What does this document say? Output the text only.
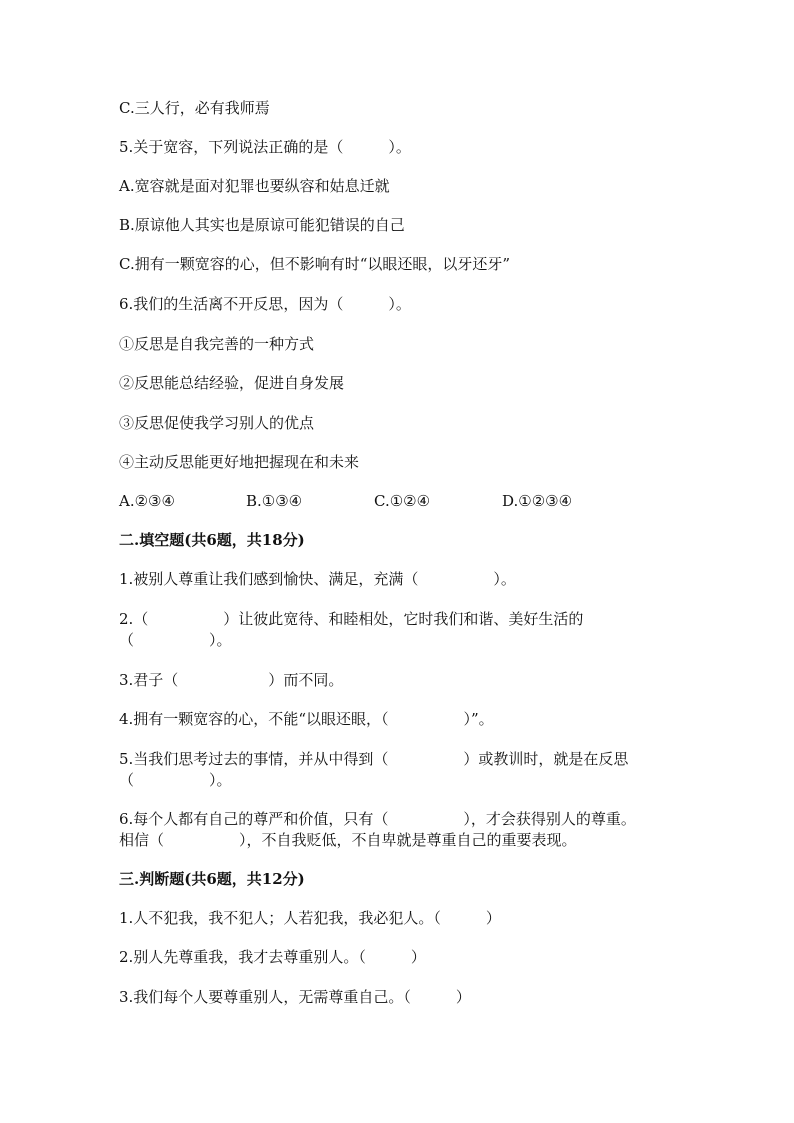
C.三人行，必有我师焉

5.关于宽容，下列说法正确的是（　　　）。

A.宽容就是面对犯罪也要纵容和姑息迁就

B.原谅他人其实也是原谅可能犯错误的自己

C.拥有一颗宽容的心，但不影响有时“以眼还眼，以牙还牙”

6.我们的生活离不开反思，因为（　　　）。

①反思是自我完善的一种方式

②反思能总结经验，促进自身发展

③反思促使我学习别人的优点

④主动反思能更好地把握现在和未来

A.②③④	B.①③④	C.①②④	D.①②③④

二.填空题(共6题，共18分)

1.被别人尊重让我们感到愉快、满足，充满（　　　　　）。

2.（　　　　　）让彼此宽待、和睦相处，它时我们和谐、美好生活的

（　　　　　）。

3.君子（　　　　　　）而不同。

4.拥有一颗宽容的心，不能“以眼还眼，（　　　　　）”。

5.当我们思考过去的事情，并从中得到（　　　　　）或教训时，就是在反思

（　　　　　）。

6.每个人都有自己的尊严和价值，只有（　　　　　），才会获得别人的尊重。

相信（　　　　　），不自我贬低，不自卑就是尊重自己的重要表现。

三.判断题(共6题，共12分)

1.人不犯我，我不犯人；人若犯我，我必犯人。（　　　）

2.别人先尊重我，我才去尊重别人。（　　　）

3.我们每个人要尊重别人，无需尊重自己。（　　　）
